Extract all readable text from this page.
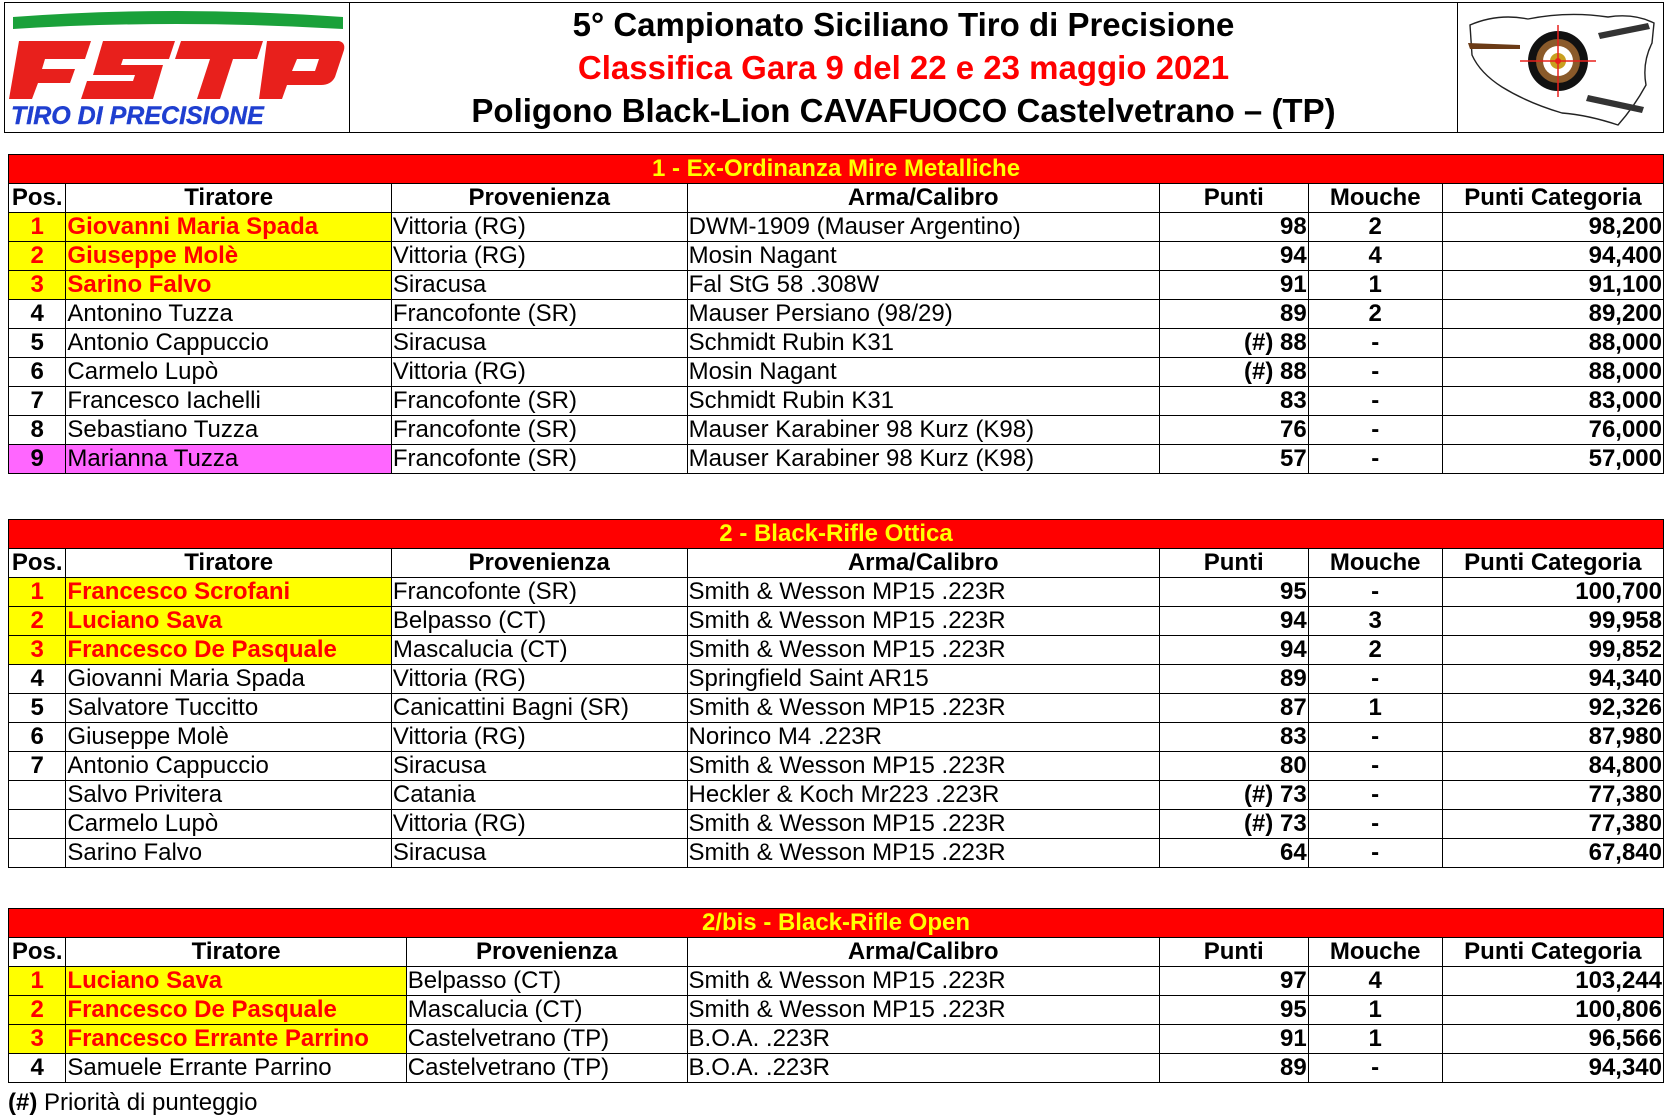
TIRO DI PRECISIONE
FSTP
5° Campionato Siciliano Tiro di Precisione
Classifica Gara 9 del 22 e 23 maggio 2021
Poligono Black-Lion CAVAFUOCO Castelvetrano – (TP)
1 - Ex-Ordinanza Mire Metalliche						
Pos.	Tiratore	Provenienza	Arma/Calibro	Punti	Mouche	Punti Categoria
1	Giovanni Maria Spada	Vittoria (RG)	DWM-1909 (Mauser Argentino)	98	2	98,200
2	Giuseppe Molè	Vittoria (RG)	Mosin Nagant	94	4	94,400
3	Sarino Falvo	Siracusa	Fal StG 58 .308W	91	1	91,100
4	Antonino Tuzza	Francofonte (SR)	Mauser Persiano (98/29)	89	2	89,200
5	Antonio Cappuccio	Siracusa	Schmidt Rubin K31	(#) 88	-	88,000
6	Carmelo Lupò	Vittoria (RG)	Mosin Nagant	(#) 88	-	88,000
7	Francesco Iachelli	Francofonte (SR)	Schmidt Rubin K31	83	-	83,000
8	Sebastiano Tuzza	Francofonte (SR)	Mauser Karabiner 98 Kurz (K98)	76	-	76,000
9	Marianna Tuzza	Francofonte (SR)	Mauser Karabiner 98 Kurz (K98)	57	-	57,000
2 - Black-Rifle Ottica						
Pos.	Tiratore	Provenienza	Arma/Calibro	Punti	Mouche	Punti Categoria
1	Francesco Scrofani	Francofonte (SR)	Smith & Wesson MP15 .223R	95	-	100,700
2	Luciano Sava	Belpasso (CT)	Smith & Wesson MP15 .223R	94	3	99,958
3	Francesco De Pasquale	Mascalucia (CT)	Smith & Wesson MP15 .223R	94	2	99,852
4	Giovanni Maria Spada	Vittoria (RG)	Springfield Saint AR15	89	-	94,340
5	Salvatore Tuccitto	Canicattini Bagni (SR)	Smith & Wesson MP15 .223R	87	1	92,326
6	Giuseppe Molè	Vittoria (RG)	Norinco M4 .223R	83	-	87,980
7	Antonio Cappuccio	Siracusa	Smith & Wesson MP15 .223R	80	-	84,800
	Salvo Privitera	Catania	Heckler & Koch Mr223 .223R	(#) 73	-	77,380
	Carmelo Lupò	Vittoria (RG)	Smith & Wesson MP15 .223R	(#) 73	-	77,380
	Sarino Falvo	Siracusa	Smith & Wesson MP15 .223R	64	-	67,840
2/bis - Black-Rifle Open						
Pos.	Tiratore	Provenienza	Arma/Calibro	Punti	Mouche	Punti Categoria
1	Luciano Sava	Belpasso (CT)	Smith & Wesson MP15 .223R	97	4	103,244
2	Francesco De Pasquale	Mascalucia (CT)	Smith & Wesson MP15 .223R	95	1	100,806
3	Francesco Errante Parrino	Castelvetrano (TP)	B.O.A. .223R	91	1	96,566
4	Samuele Errante Parrino	Castelvetrano (TP)	B.O.A. .223R	89	-	94,340
(#) Priorità di punteggio
